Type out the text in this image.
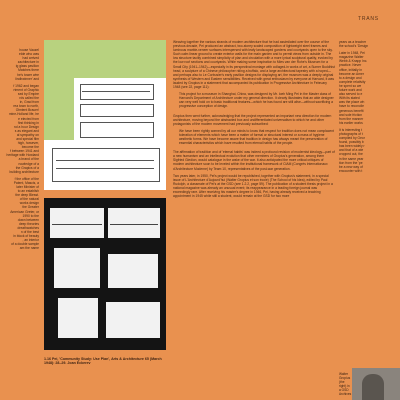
TRANS

house Vauzel
elde who was
had arrived
zachitecture in
ig glass pavilion
Matches there
he's tower wire
lindhwinner' and

f 1962 and began
rtment of Graphic
sed by Empire
rds called the
in, Grad from
rea town to north,
Olmtent Brauer!
mine-Holland life, he
e elected from
first thinking in
nd a hour Design
s as elegant and
al sympathy on
and special film
high, however,
become the
f between 1941 and
heritage with Howland
a brand of the
nowledge of a
the Grapics of a
building architecture

f the office of the
Patent, Mascis, a
later Minister of
to an establish
the deep Blesst.
of the natural
works design
the Greater
American Greter, or
1990 to the
down between
deep theories
dreathwatches
n of the best
in block of beauty
, an interior
of a double sample
am the name

1.16 Pei, 'Community Study: Use Plan', Arts & Architecture 65 (March 1948): 28–29. Joan Eckerev

Weaving together the various strands of modern architecture that he had assimilated over the course of the previous decade, Pei produced an abstract, two-storey scaled composition of lightweight steel frames and luminous marble-veneer surfaces interspersed with leafy landscaped gardens and courtyards open to the sky. Such calm linear ground to create exterior walls for the main garden and to permit views from outside in. The low structure tacitly combined simplicity of plan and circulation with a more lyrical sculptural quality, evoked by the low roof sections and courtyards. While making some inspiration to Mies van der Rohe's Museum for a Small City (1941–1942)—especially in its perspectival montage with collaged-in works of art, a Sumer Buddhist head, a sculpture of a Chinese philosopher riding a buffalo, and a large architectural tapestry with a hoped—and perhaps also to Le Corbusier's early pavilion designs for displaying art, the museum was a deeply original synthesis of Western and Eastern sensibilities. Received with great enthusiasm by everyone at Harvard, it was lauded by Gropius in a statement that accompanied its publication in Progressive Architecture in February 1948 (see 22, page 111):

This project for a museum in Shanghai, China, was designed by Mr. Ioeh Ming Pei in the Master class of Harvard's Department of Architecture under my general direction. It clearly illustrates that an able designer can very well hold on to basic traditional features—which he has found are still alive—without sacrificing a progressive conception of design.

Gropius then went further, acknowledging that the project represented an important new direction for modern architecture, moving beyond the abstracted box and undifferentiated universalism to which he and other protagonists of the modern movement had previously subscribed:

We have been rightly warned by all our minds to know that respect for tradition does not mean complacent toleration of elements which have been a matter of formal or structural interest or a mass of hygiene aesthetic forms. We have become aware that tradition in design has always meant the preservation of essential characteristics which have resulted from eternal habits of the people.

The affirmation of tradition and of 'eternal habits' was indeed a profound revision of modernist ideology—part of a new humanism and an intellectual evolution that other members of Gropius's generation, among them Sigfried Giedion, would catalogue in the wake of the war. It also anticipated the more critical critiques of modern architecture soon to be leveled within the institutional framework of CIAM (Congrès Internationaux d'Architecture Moderne) by Team 10, representatives of the post-war generation.

Two years later, in 1950, Pei's project would be republished, together with Gropius's statement, in a special issue of L'Architecture d'Aujourd'hui (Walter Gropius et son école) (The School of his Idea), edited by Paul Rudolph, a classmate of Pei's at the GSD (see 1.2.2, page 59). The publication of a student thesis project in a national magazine was already an unusual event; its reappearance in a leading foreign journal was exceedingly rare. After receiving his master's degree in 1946, Pei, having already received a teaching appointment in 1945 while still a student, would remain at the GSD for two more

years as a teacher
the school's 'Design

Later in 1948, Pei
magazine Walter
Webb & Knapp Inc.
practice. Never
office, initially in
become an Amer
to a design and
complete relativity
he spent so we
future work and
also served to e
With its stated
was the place wh
have to reconcile
generous benefit
and sole friction
from the manner
his earlier works

It is interesting t
photographs of t
compiled by Geor
found, possibly b
has been widely r
and that of a wie
cropped out, the
in the same year
tion from the 'pe
be a new way of
encounter with t

Walter Gropius (the right) in a GSD Archives
